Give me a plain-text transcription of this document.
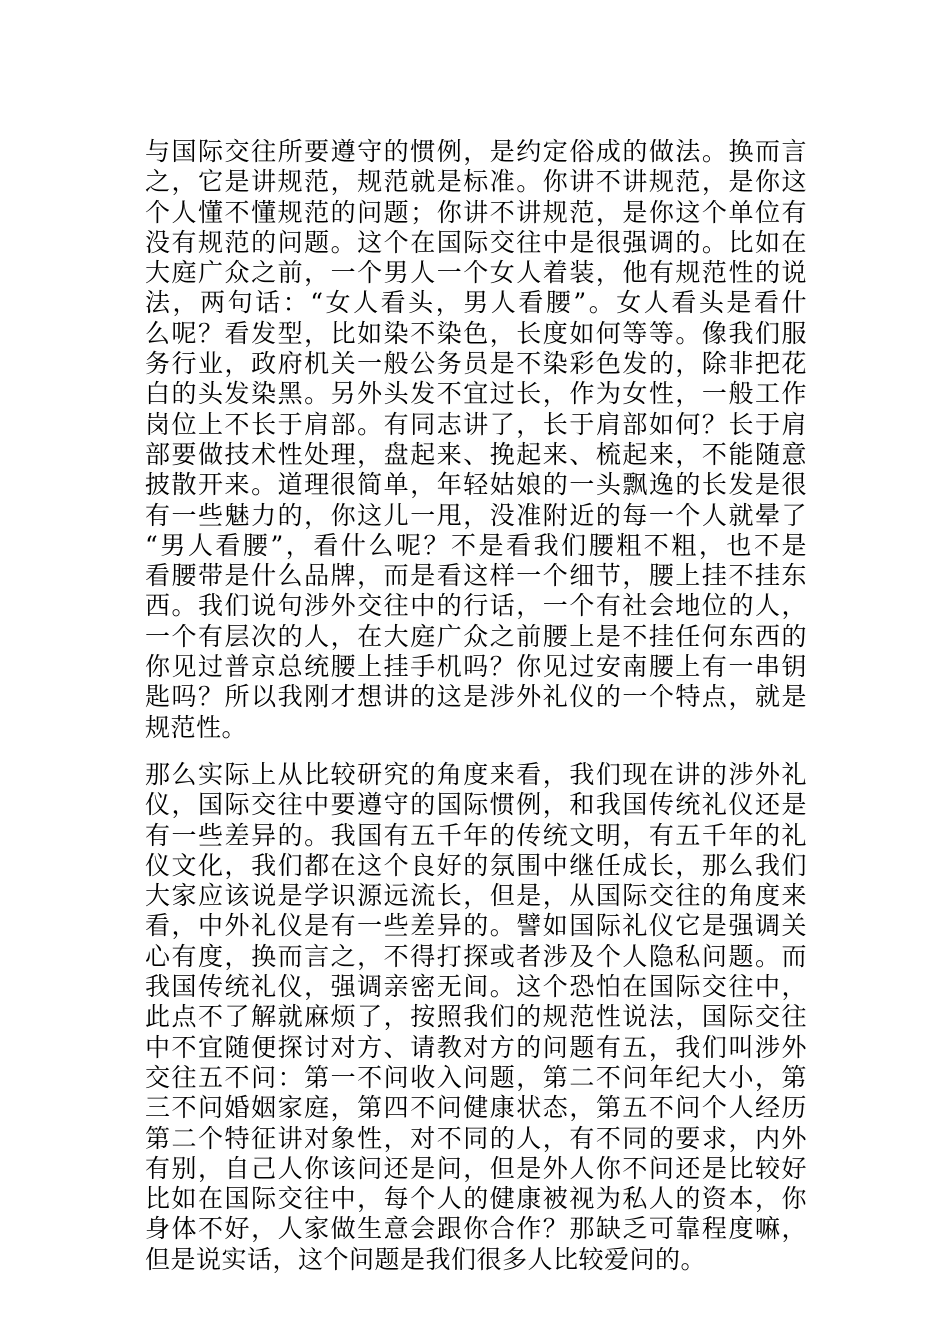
与国际交往所要遵守的惯例，是约定俗成的做法。换而言
之，它是讲规范，规范就是标准。你讲不讲规范，是你这
个人懂不懂规范的问题；你讲不讲规范，是你这个单位有
没有规范的问题。这个在国际交往中是很强调的。比如在
大庭广众之前，一个男人一个女人着装，他有规范性的说
法，两句话：“女人看头，男人看腰”。女人看头是看什
么呢？看发型，比如染不染色，长度如何等等。像我们服
务行业，政府机关一般公务员是不染彩色发的，除非把花
白的头发染黑。另外头发不宜过长，作为女性，一般工作
岗位上不长于肩部。有同志讲了，长于肩部如何？长于肩
部要做技术性处理，盘起来、挽起来、梳起来，不能随意
披散开来。道理很简单，年轻姑娘的一头飘逸的长发是很
有一些魅力的，你这儿一甩，没准附近的每一个人就晕了
“男人看腰”，看什么呢？不是看我们腰粗不粗，也不是
看腰带是什么品牌，而是看这样一个细节，腰上挂不挂东
西。我们说句涉外交往中的行话，一个有社会地位的人，
一个有层次的人，在大庭广众之前腰上是不挂任何东西的
你见过普京总统腰上挂手机吗？你见过安南腰上有一串钥
匙吗？所以我刚才想讲的这是涉外礼仪的一个特点，就是
规范性。
那么实际上从比较研究的角度来看，我们现在讲的涉外礼
仪，国际交往中要遵守的国际惯例，和我国传统礼仪还是
有一些差异的。我国有五千年的传统文明，有五千年的礼
仪文化，我们都在这个良好的氛围中继任成长，那么我们
大家应该说是学识源远流长，但是，从国际交往的角度来
看，中外礼仪是有一些差异的。譬如国际礼仪它是强调关
心有度，换而言之，不得打探或者涉及个人隐私问题。而
我国传统礼仪，强调亲密无间。这个恐怕在国际交往中，
此点不了解就麻烦了，按照我们的规范性说法，国际交往
中不宜随便探讨对方、请教对方的问题有五，我们叫涉外
交往五不问：第一不问收入问题，第二不问年纪大小，第
三不问婚姻家庭，第四不问健康状态，第五不问个人经历
第二个特征讲对象性，对不同的人，有不同的要求，内外
有别，自己人你该问还是问，但是外人你不问还是比较好
比如在国际交往中，每个人的健康被视为私人的资本，你
身体不好，人家做生意会跟你合作？那缺乏可靠程度嘛，
但是说实话，这个问题是我们很多人比较爱问的。
